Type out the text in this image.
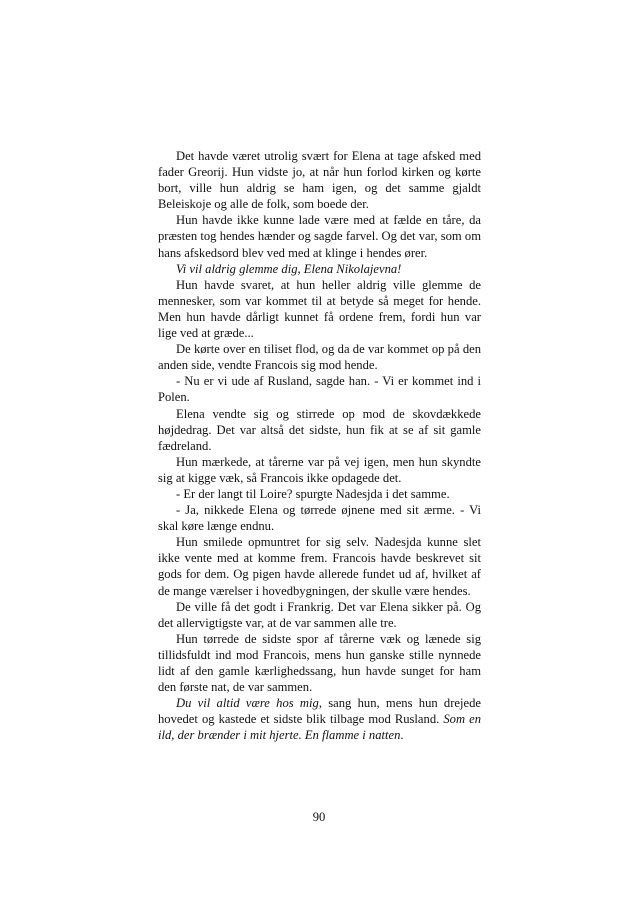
Det havde været utrolig svært for Elena at tage afsked med fader Greorij. Hun vidste jo, at når hun forlod kirken og kørte bort, ville hun aldrig se ham igen, og det samme gjaldt Beleiskoje og alle de folk, som boede der.

Hun havde ikke kunne lade være med at fælde en tåre, da præsten tog hendes hænder og sagde farvel. Og det var, som om hans afskedsord blev ved med at klinge i hendes ører.

Vi vil aldrig glemme dig, Elena Nikolajevna!

Hun havde svaret, at hun heller aldrig ville glemme de mennesker, som var kommet til at betyde så meget for hende. Men hun havde dårligt kunnet få ordene frem, fordi hun var lige ved at græde...

De kørte over en tiliset flod, og da de var kommet op på den anden side, vendte Francois sig mod hende.

- Nu er vi ude af Rusland, sagde han. - Vi er kommet ind i Polen.

Elena vendte sig og stirrede op mod de skovdækkede højdedrag. Det var altså det sidste, hun fik at se af sit gamle fædreland.

Hun mærkede, at tårerne var på vej igen, men hun skyndte sig at kigge væk, så Francois ikke opdagede det.

- Er der langt til Loire? spurgte Nadesjda i det samme.

- Ja, nikkede Elena og tørrede øjnene med sit ærme. - Vi skal køre længe endnu.

Hun smilede opmuntret for sig selv. Nadesjda kunne slet ikke vente med at komme frem. Francois havde beskrevet sit gods for dem. Og pigen havde allerede fundet ud af, hvilket af de mange værelser i hovedbygningen, der skulle være hendes.

De ville få det godt i Frankrig. Det var Elena sikker på. Og det allervigtigste var, at de var sammen alle tre.

Hun tørrede de sidste spor af tårerne væk og lænede sig tillidsfuldt ind mod Francois, mens hun ganske stille nynnede lidt af den gamle kærlighedssang, hun havde sunget for ham den første nat, de var sammen.

Du vil altid være hos mig, sang hun, mens hun drejede hovedet og kastede et sidste blik tilbage mod Rusland. Som en ild, der brænder i mit hjerte. En flamme i natten.

90
